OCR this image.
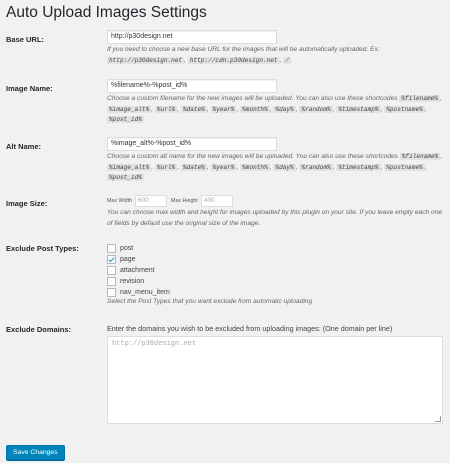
Auto Upload Images Settings
Base URL:	http://p30design.net
If you need to choose a new base URL for the images that will be automatically uploaded. Ex:
http://p30design.net , http://cdn.p30design.net , /
Image Name:	%filename%-%post_id%
Choose a custom filename for the new images will be uploaded. You can also use these shortcodes %filename% , %image_alt% , %url% , %date% , %year% , %month% , %day% , %random% , %timestamp% , %postname% , %post_id%
Alt Name:	%image_alt%-%post_id%
Choose a custom alt name for the new images will be uploaded. You can also use these shortcodes %filename% , %image_alt% , %url% , %date% , %year% , %month% , %day% , %random% , %timestamp% , %postname% , %post_id%
Image Size:	Max Width 600	Max Height 400
You can choose max width and height for images uploaded by this plugin on your site. If you leave empty each one of fields by default use the original size of the image.
Exclude Post Types:	post
page
attachment
revision
nav_menu_item
Select the Post Types that you want exclude from automatic uploading
Exclude Domains:	Enter the domains you wish to be excluded from uploading images: (One domain per line)
http://p30design.net
Save Changes
